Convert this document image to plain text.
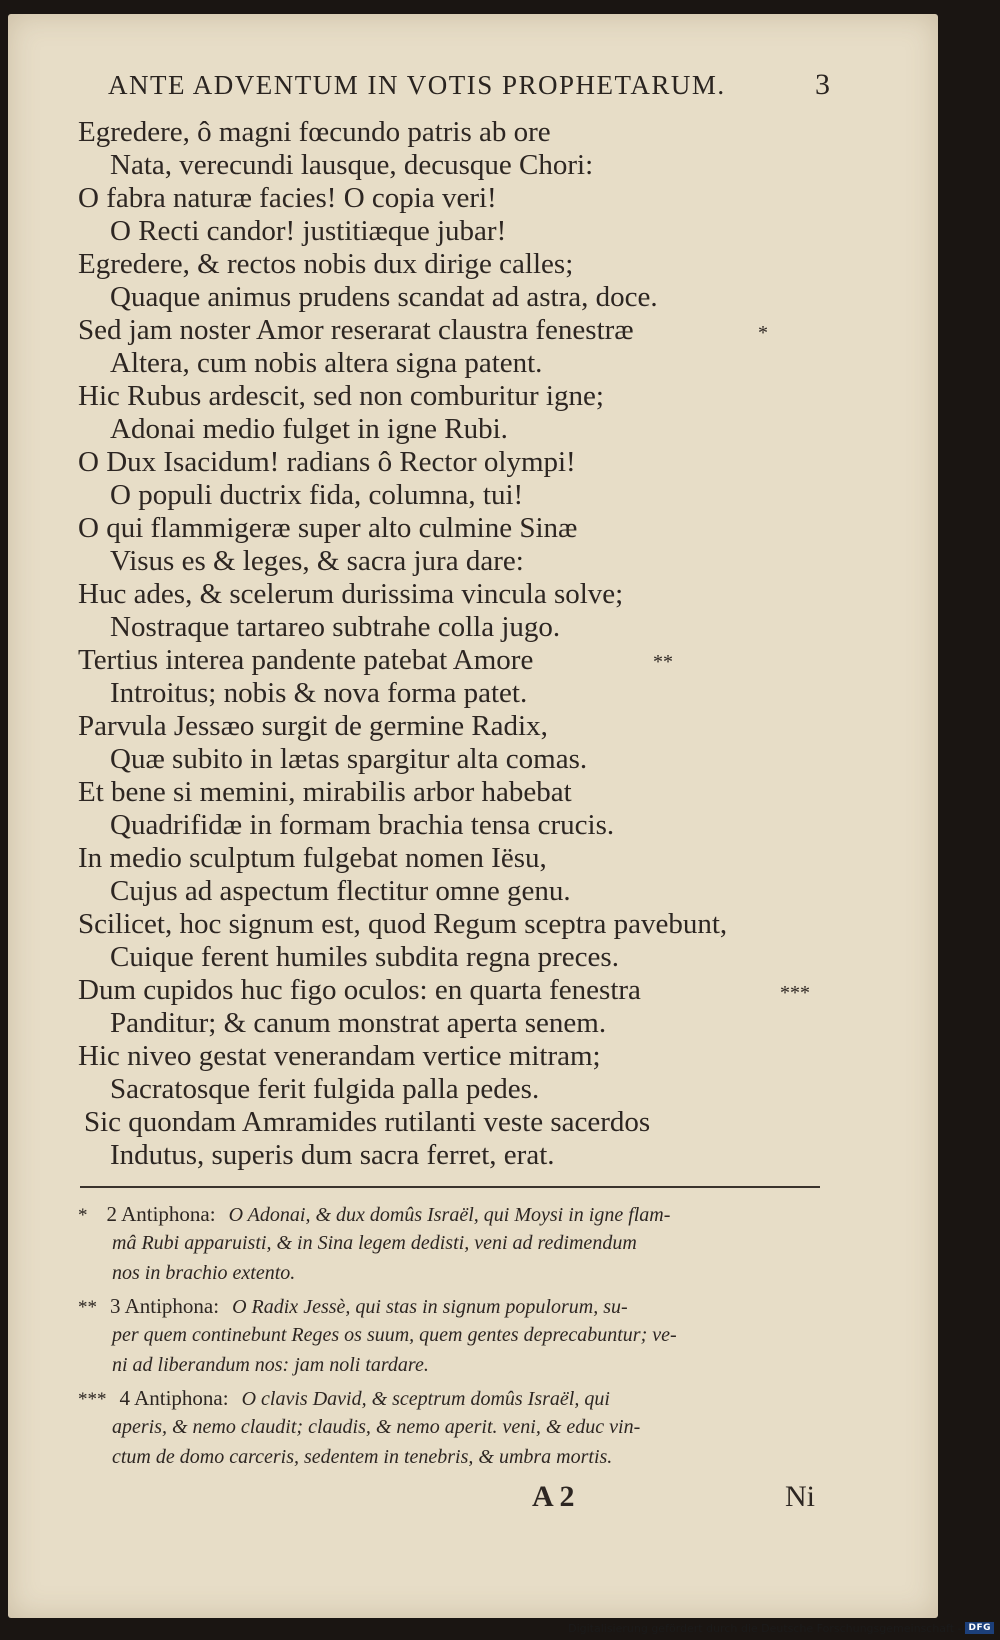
ANTE ADVENTUM IN VOTIS PROPHETARUM.	3
Egredere, ô magni fœcundo patris ab ore
Nata, verecundi lausque, decusque Chori:
O fabra naturæ facies! O copia veri!
O Recti candor! justitiæque jubar!
Egredere, & rectos nobis dux dirige calles;
Quaque animus prudens scandat ad astra, doce.
Sed jam noster Amor reserarat claustra fenestræ
Altera, cum nobis altera signa patent.
Hic Rubus ardescit, sed non comburitur igne;
Adonai medio fulget in igne Rubi.
O Dux Isacidum! radians ô Rector olympi!
O populi ductrix fida, columna, tui!
O qui flammigeræ super alto culmine Sinæ
Visus es & leges, & sacra jura dare:
Huc ades, & scelerum durissima vincula solve;
Nostraque tartareo subtrahe colla jugo.
Tertius interea pandente patebat Amore
Introitus; nobis & nova forma patet.
Parvula Jessæo surgit de germine Radix,
Quæ subito in lætas spargitur alta comas.
Et bene si memini, mirabilis arbor habebat
Quadrifidæ in formam brachia tensa crucis.
In medio sculptum fulgebat nomen Iësu,
Cujus ad aspectum flectitur omne genu.
Scilicet, hoc signum est, quod Regum sceptra pavebunt,
Cuique ferent humiles subdita regna preces.
Dum cupidos huc figo oculos: en quarta fenestra
Panditur; & canum monstrat aperta senem.
Hic niveo gestat venerandam vertice mitram;
Sacratosque ferit fulgida palla pedes.
Sic quondam Amramides rutilanti veste sacerdos
Indutus, superis dum sacra ferret, erat.
*
**
***
* 2 Antiphona: O Adonai, & dux domûs Israël, qui Moysi in igne flam-
mâ Rubi apparuisti, & in Sina legem dedisti, veni ad redimendum
nos in brachio extento.
** 3 Antiphona: O Radix Jessè, qui stas in signum populorum, su-
per quem continebunt Reges os suum, quem gentes deprecabuntur; ve-
ni ad liberandum nos: jam noli tardare.
*** 4 Antiphona: O clavis David, & sceptrum domûs Israël, qui
aperis, & nemo claudit; claudis, & nemo aperit. veni, & educ vin-
ctum de domo carceris, sedentem in tenebris, & umbra mortis.
A 2	Ni
Digitalisierung gefördert durch die Deutsche Forschungsgemeinschaft - DFG
